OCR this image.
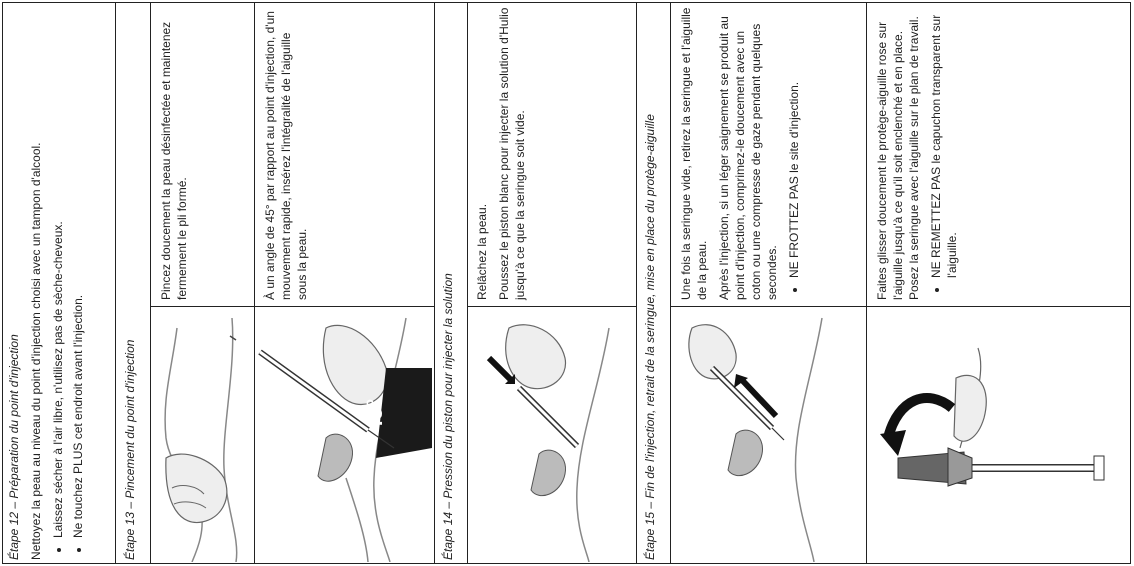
Étape 12 – Préparation du point d'injection Nettoyez la peau au niveau du point d'injection choisi avec un tampon d'alcool. • Laissez sécher à l'air libre, n'utilisez pas de sèche-cheveux. • Ne touchez PLUS cet endroit avant l'injection.	Étape 13 – Pincement du point d'injection

Pincez doucement la peau désinfectée et maintenez fermement le pli formé.	À un angle de 45° par rapport au point d'injection, d'un mouvement rapide, insérez l'intégralité de l'aiguille sous la peau.

45°	Étape 14 – Pression du piston pour injecter la solution

Relâchez la peau. Poussez le piston blanc pour injecter la solution d'Hulio jusqu'à ce que la seringue soit vide.	Étape 15 – Fin de l'injection, retrait de la seringue, mise en place du protège-aiguille Une fois la seringue vide, retirez la seringue et l'aiguille de la peau. Après l'injection, si un léger saignement se produit au point d'injection, comprimez-le doucement avec un coton ou une compresse de gaze pendant quelques secondes. • NE FROTTEZ PAS le site d'injection.	Faites glisser doucement le protège-aiguille rose sur l'aiguille jusqu'à ce qu'il soit enclenché et en place. Posez la seringue avec l'aiguille sur le plan de travail. • NE REMETTEZ PAS le capuchon transparent sur l'aiguille.
